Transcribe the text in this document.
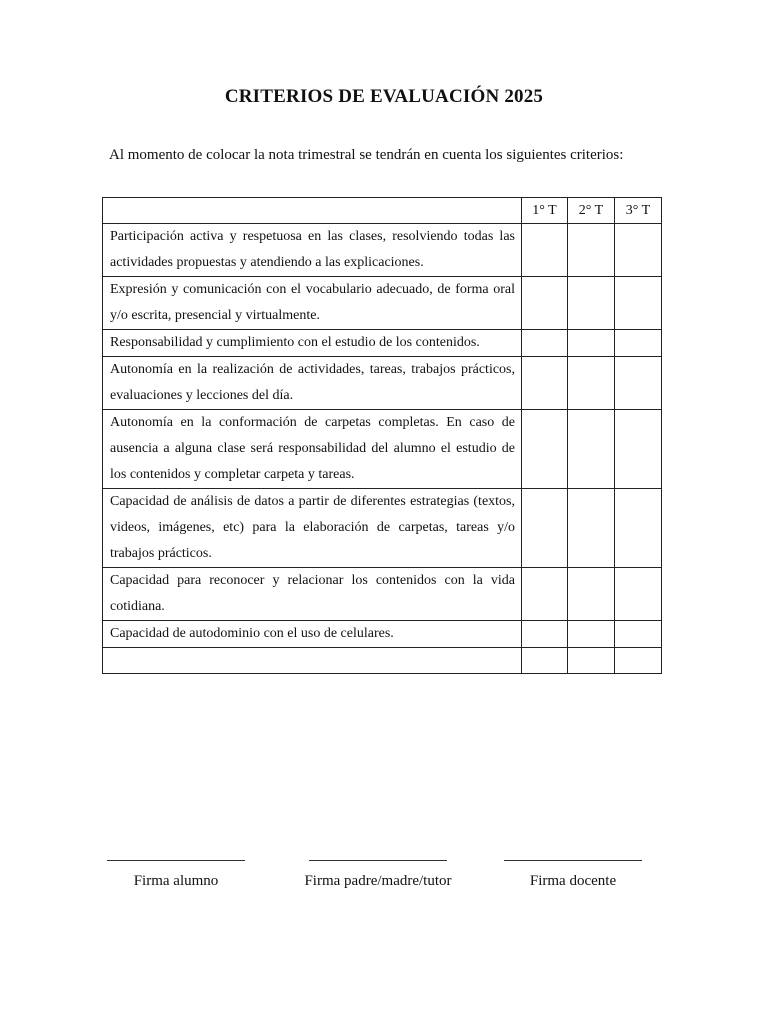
CRITERIOS DE EVALUACIÓN 2025
Al momento de colocar la nota trimestral se tendrán en cuenta los siguientes criterios:
	1° T	2° T	3° T
Participación activa y respetuosa en las clases, resolviendo todas las actividades propuestas y atendiendo a las explicaciones.			
Expresión y comunicación con el vocabulario adecuado, de forma oral y/o escrita, presencial y virtualmente.			
Responsabilidad y cumplimiento con el estudio de los contenidos.			
Autonomía en la realización de actividades, tareas, trabajos prácticos, evaluaciones y lecciones del día.			
Autonomía en la conformación de carpetas completas. En caso de ausencia a alguna clase será responsabilidad del alumno el estudio de los contenidos y completar carpeta y tareas.			
Capacidad de análisis de datos a partir de diferentes estrategias (textos, videos, imágenes, etc) para la elaboración de carpetas, tareas y/o trabajos prácticos.			
Capacidad para reconocer y relacionar los contenidos con la vida cotidiana.			
Capacidad de autodominio con el uso de celulares.			

Firma alumno	Firma padre/madre/tutor	Firma docente
